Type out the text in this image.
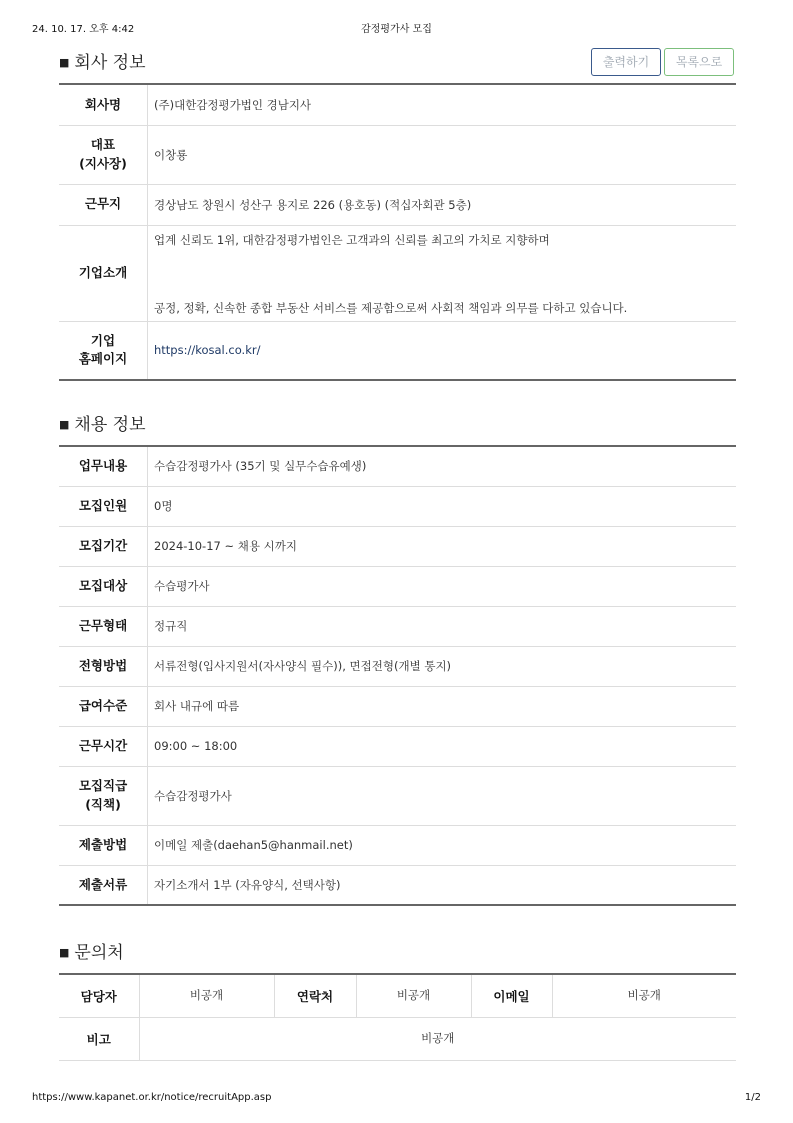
24. 10. 17. 오후 4:42	감정평가사 모집
■ 회사 정보	출력하기	목록으로
회사명	(주)대한감정평가법인 경남지사

대표
(지사장)	이창룡
근무지	경상남도 창원시 성산구 용지로 226 (용호동) (적십자회관 5층)
기업소개	업계 신뢰도 1위, 대한감정평가법인은 고객과의 신뢰를 최고의 가치로 지향하며
공정, 정확, 신속한 종합 부동산 서비스를 제공함으로써 사회적 책임과 의무를 다하고 있습니다.

기업
홈페이지	https://kosal.co.kr/
■ 채용 정보
업무내용	수습감정평가사 (35기 및 실무수습유예생)
모집인원	0명
모집기간	2024-10-17 ~ 채용 시까지
모집대상	수습평가사
근무형태	정규직
전형방법	서류전형(입사지원서(자사양식 필수)), 면접전형(개별 통지)
급여수준	회사 내규에 따름
근무시간	09:00 ~ 18:00

모집직급
(직책)	수습감정평가사
제출방법	이메일 제출(daehan5@hanmail.net)
제출서류	자기소개서 1부 (자유양식, 선택사항)
■ 문의처
담당자	비공개	연락처	비공개	이메일	비공개
비고	비공개				
https://www.kapanet.or.kr/notice/recruitApp.asp	1/2
